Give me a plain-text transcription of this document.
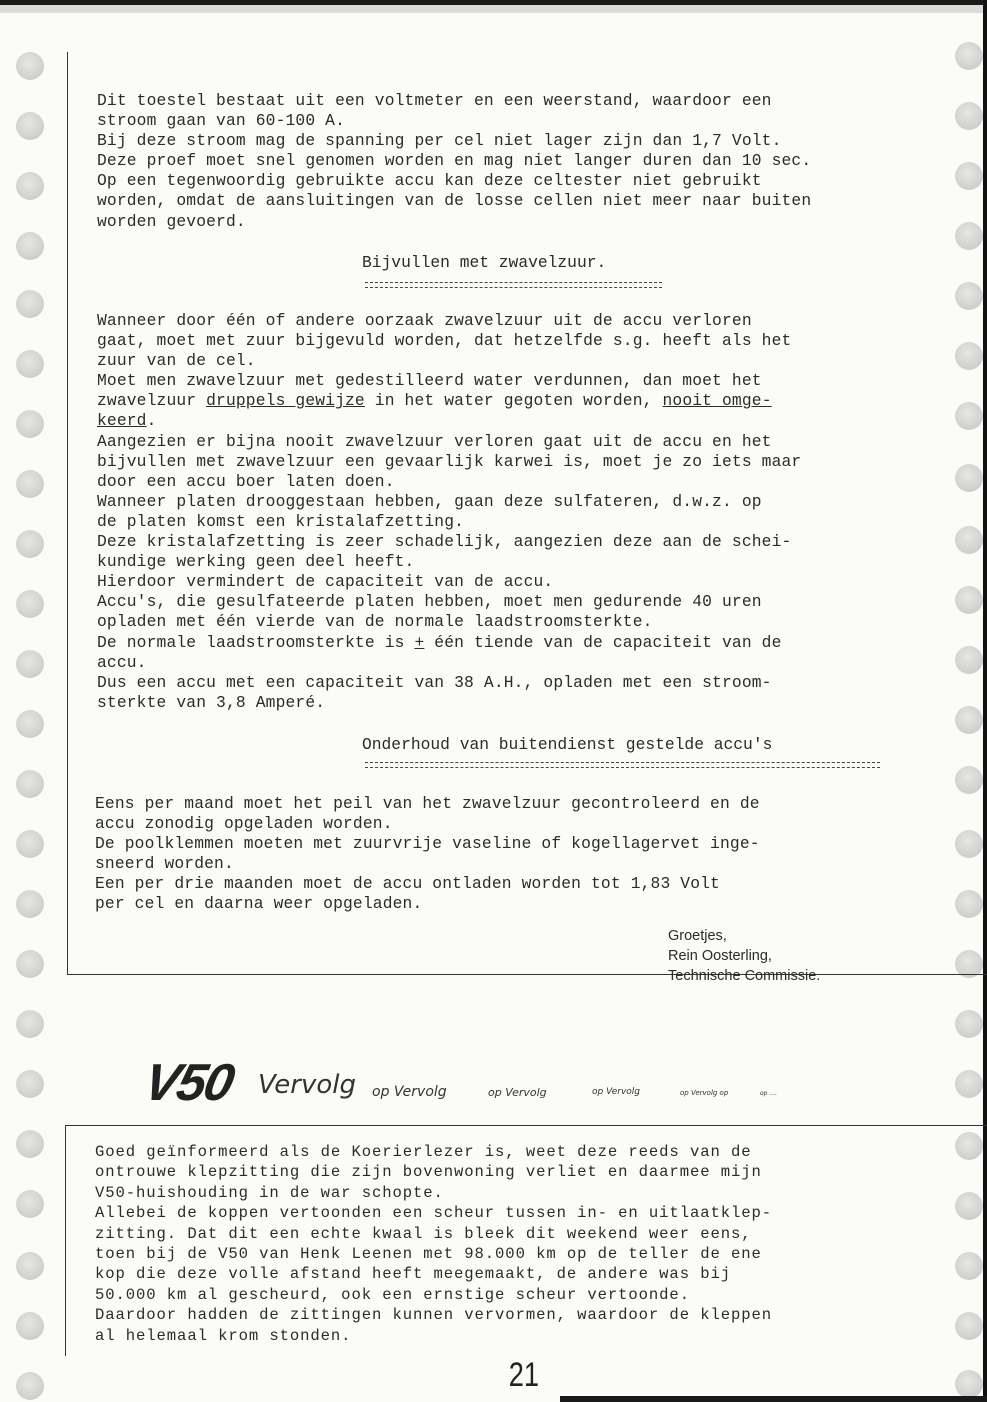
Dit toestel bestaat uit een voltmeter en een weerstand, waardoor een
stroom gaan van 60-100 A.
Bij deze stroom mag de spanning per cel niet lager zijn dan 1,7 Volt.
Deze proef moet snel genomen worden en mag niet langer duren dan 10 sec.
Op een tegenwoordig gebruikte accu kan deze celtester niet gebruikt
worden, omdat de aansluitingen van de losse cellen niet meer naar buiten
worden gevoerd.
Bijvullen met zwavelzuur.
Wanneer door één of andere oorzaak zwavelzuur uit de accu verloren
gaat, moet met zuur bijgevuld worden, dat hetzelfde s.g. heeft als het
zuur van de cel.
Moet men zwavelzuur met gedestilleerd water verdunnen, dan moet het
zwavelzuur druppels gewijze in het water gegoten worden, nooit omge-
keerd.
Aangezien er bijna nooit zwavelzuur verloren gaat uit de accu en het
bijvullen met zwavelzuur een gevaarlijk karwei is, moet je zo iets maar
door een accu boer laten doen.
Wanneer platen drooggestaan hebben, gaan deze sulfateren, d.w.z. op
de platen komst een kristalafzetting.
Deze kristalafzetting is zeer schadelijk, aangezien deze aan de schei-
kundige werking geen deel heeft.
Hierdoor vermindert de capaciteit van de accu.
Accu's, die gesulfateerde platen hebben, moet men gedurende 40 uren
opladen met één vierde van de normale laadstroomsterkte.
De normale laadstroomsterkte is + één tiende van de capaciteit van de
accu.
Dus een accu met een capaciteit van 38 A.H., opladen met een stroom-
sterkte van 3,8 Amperé.
Onderhoud van buitendienst gestelde accu's
Eens per maand moet het peil van het zwavelzuur gecontroleerd en de
accu zonodig opgeladen worden.
De poolklemmen moeten met zuurvrije vaseline of kogellagervet inge-
sneerd worden.
Een per drie maanden moet de accu ontladen worden tot 1,83 Volt
per cel en daarna weer opgeladen.
Groetjes,
Rein Oosterling,
Technische Commissie.
V50 Vervolg op Vervolg	op Vervolg	op Vervolg	op Vervolg op	op ....
Goed geïnformeerd als de Koerierlezer is, weet deze reeds van de
ontrouwe klepzitting die zijn bovenwoning verliet en daarmee mijn
V50-huishouding in de war schopte.
Allebei de koppen vertoonden een scheur tussen in- en uitlaatklep-
zitting. Dat dit een echte kwaal is bleek dit weekend weer eens,
toen bij de V50 van Henk Leenen met 98.000 km op de teller de ene
kop die deze volle afstand heeft meegemaakt, de andere was bij
50.000 km al gescheurd, ook een ernstige scheur vertoonde.
Daardoor hadden de zittingen kunnen vervormen, waardoor de kleppen
al helemaal krom stonden.
21
